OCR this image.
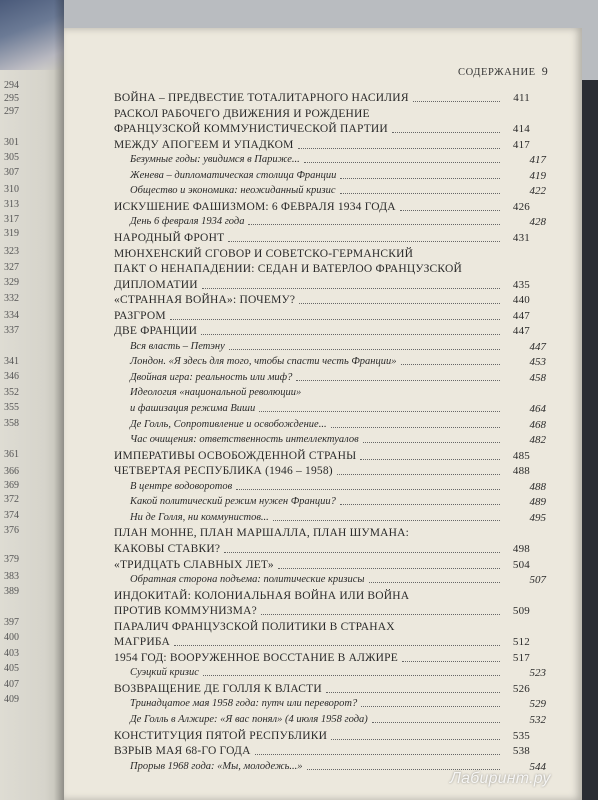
294
295
297
301
305
307
310
313
317
319
323
327
329
332
334
337
341
346
352
355
358
361
366
369
372
374
376
379
383
389
397
400
403
405
407
409
СОДЕРЖАНИЕ 9
ВОЙНА – ПРЕДВЕСТИЕ ТОТАЛИТАРНОГО НАСИЛИЯ	411
РАСКОЛ РАБОЧЕГО ДВИЖЕНИЯ И РОЖДЕНИЕ
ФРАНЦУЗСКОЙ КОММУНИСТИЧЕСКОЙ ПАРТИИ	414
МЕЖДУ АПОГЕЕМ И УПАДКОМ	417
Безумные годы: увидимся в Париже...	417
Женева – дипломатическая столица Франции	419
Общество и экономика: неожиданный кризис	422
ИСКУШЕНИЕ ФАШИЗМОМ: 6 ФЕВРАЛЯ 1934 ГОДА	426
День 6 февраля 1934 года	428
НАРОДНЫЙ ФРОНТ	431
МЮНХЕНСКИЙ СГОВОР И СОВЕТСКО-ГЕРМАНСКИЙ
ПАКТ О НЕНАПАДЕНИИ: СЕДАН И ВАТЕРЛОО ФРАНЦУЗСКОЙ
ДИПЛОМАТИИ	435
«СТРАННАЯ ВОЙНА»: ПОЧЕМУ?	440
РАЗГРОМ	447
ДВЕ ФРАНЦИИ	447
Вся власть – Петэну	447
Лондон. «Я здесь для того, чтобы спасти честь Франции»	453
Двойная игра: реальность или миф?	458
Идеология «национальной революции»
и фашизация режима Виши	464
Де Голль, Сопротивление и освобождение...	468
Час очищения: ответственность интеллектуалов	482
ИМПЕРАТИВЫ ОСВОБОЖДЕННОЙ СТРАНЫ	485
ЧЕТВЕРТАЯ РЕСПУБЛИКА (1946 – 1958)	488
В центре водоворотов	488
Какой политический режим нужен Франции?	489
Ни де Голля, ни коммунистов...	495
ПЛАН МОННЕ, ПЛАН МАРШАЛЛА, ПЛАН ШУМАНА:
КАКОВЫ СТАВКИ?	498
«ТРИДЦАТЬ СЛАВНЫХ ЛЕТ»	504
Обратная сторона подъема: политические кризисы	507
ИНДОКИТАЙ: КОЛОНИАЛЬНАЯ ВОЙНА ИЛИ ВОЙНА
ПРОТИВ КОММУНИЗМА?	509
ПАРАЛИЧ ФРАНЦУЗСКОЙ ПОЛИТИКИ В СТРАНАХ
МАГРИБА	512
1954 ГОД: ВООРУЖЕННОЕ ВОССТАНИЕ В АЛЖИРЕ	517
Суэцкий кризис	523
ВОЗВРАЩЕНИЕ ДЕ ГОЛЛЯ К ВЛАСТИ	526
Тринадцатое мая 1958 года: путч или переворот?	529
Де Голль в Алжире: «Я вас понял» (4 июля 1958 года)	532
КОНСТИТУЦИЯ ПЯТОЙ РЕСПУБЛИКИ	535
ВЗРЫВ МАЯ 68-ГО ГОДА	538
Прорыв 1968 года: «Мы, молодежь...»	544
Лабиринт.ру
